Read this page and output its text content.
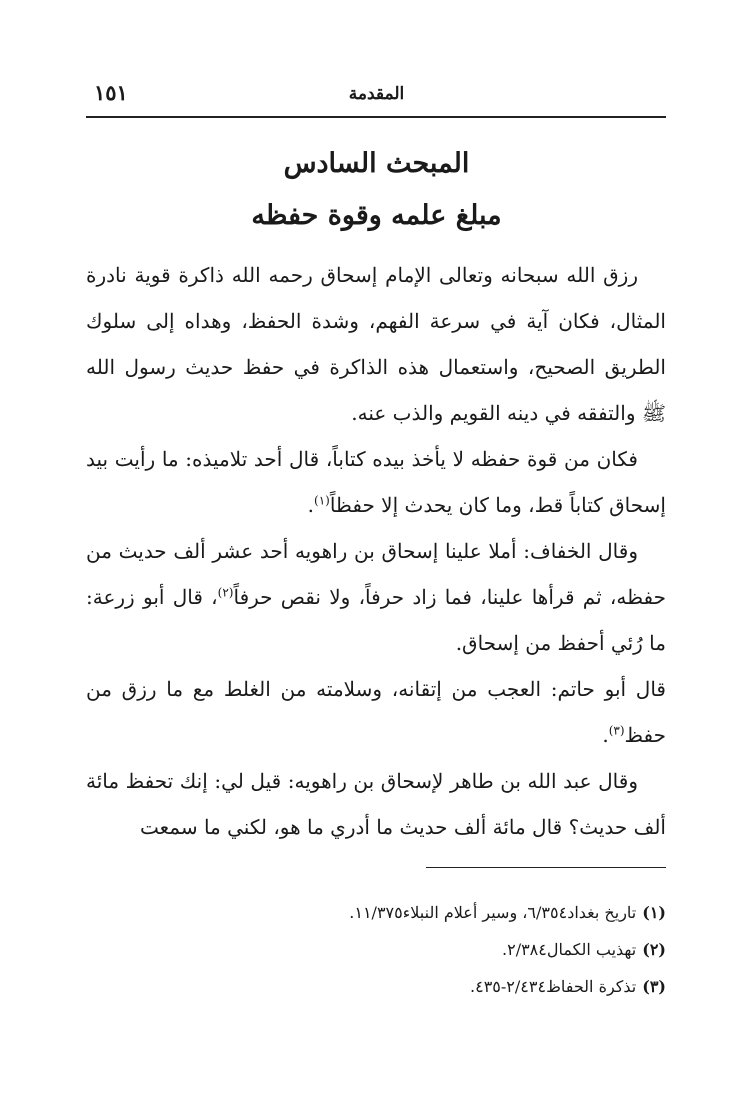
١٥١	المقدمة
المبحث السادس
مبلغ علمه وقوة حفظه

رزق الله سبحانه وتعالى الإمام إسحاق رحمه الله ذاكرة قوية نادرة المثال، فكان آية في سرعة الفهم، وشدة الحفظ، وهداه إلى سلوك الطريق الصحيح، واستعمال هذه الذاكرة في حفظ حديث رسول الله ﷺ والتفقه في دينه القويم والذب عنه.

فكان من قوة حفظه لا يأخذ بيده كتاباً، قال أحد تلاميذه: ما رأيت بيد إسحاق كتاباً قط، وما كان يحدث إلا حفظاً$^{(١)}$.

وقال الخفاف: أملا علينا إسحاق بن راهويه أحد عشر ألف حديث من حفظه، ثم قرأها علينا، فما زاد حرفاً، ولا نقص حرفاً$^{(٢)}$، قال أبو زرعة: ما رُئي أحفظ من إسحاق.

قال أبو حاتم: العجب من إتقانه، وسلامته من الغلط مع ما رزق من حفظ$^{(٣)}$.

وقال عبد الله بن طاهر لإسحاق بن راهويه: قيل لي: إنك تحفظ مائة ألف حديث؟ قال مائة ألف حديث ما أدري ما هو، لكني ما سمعت

(١)تاريخ بغداد٦/٣٥٤، وسير أعلام النبلاء١١/٣٧٥.
(٢)تهذيب الكمال٢/٣٨٤.
(٣)تذكرة الحفاظ٢/٤٣٤-٤٣٥.
